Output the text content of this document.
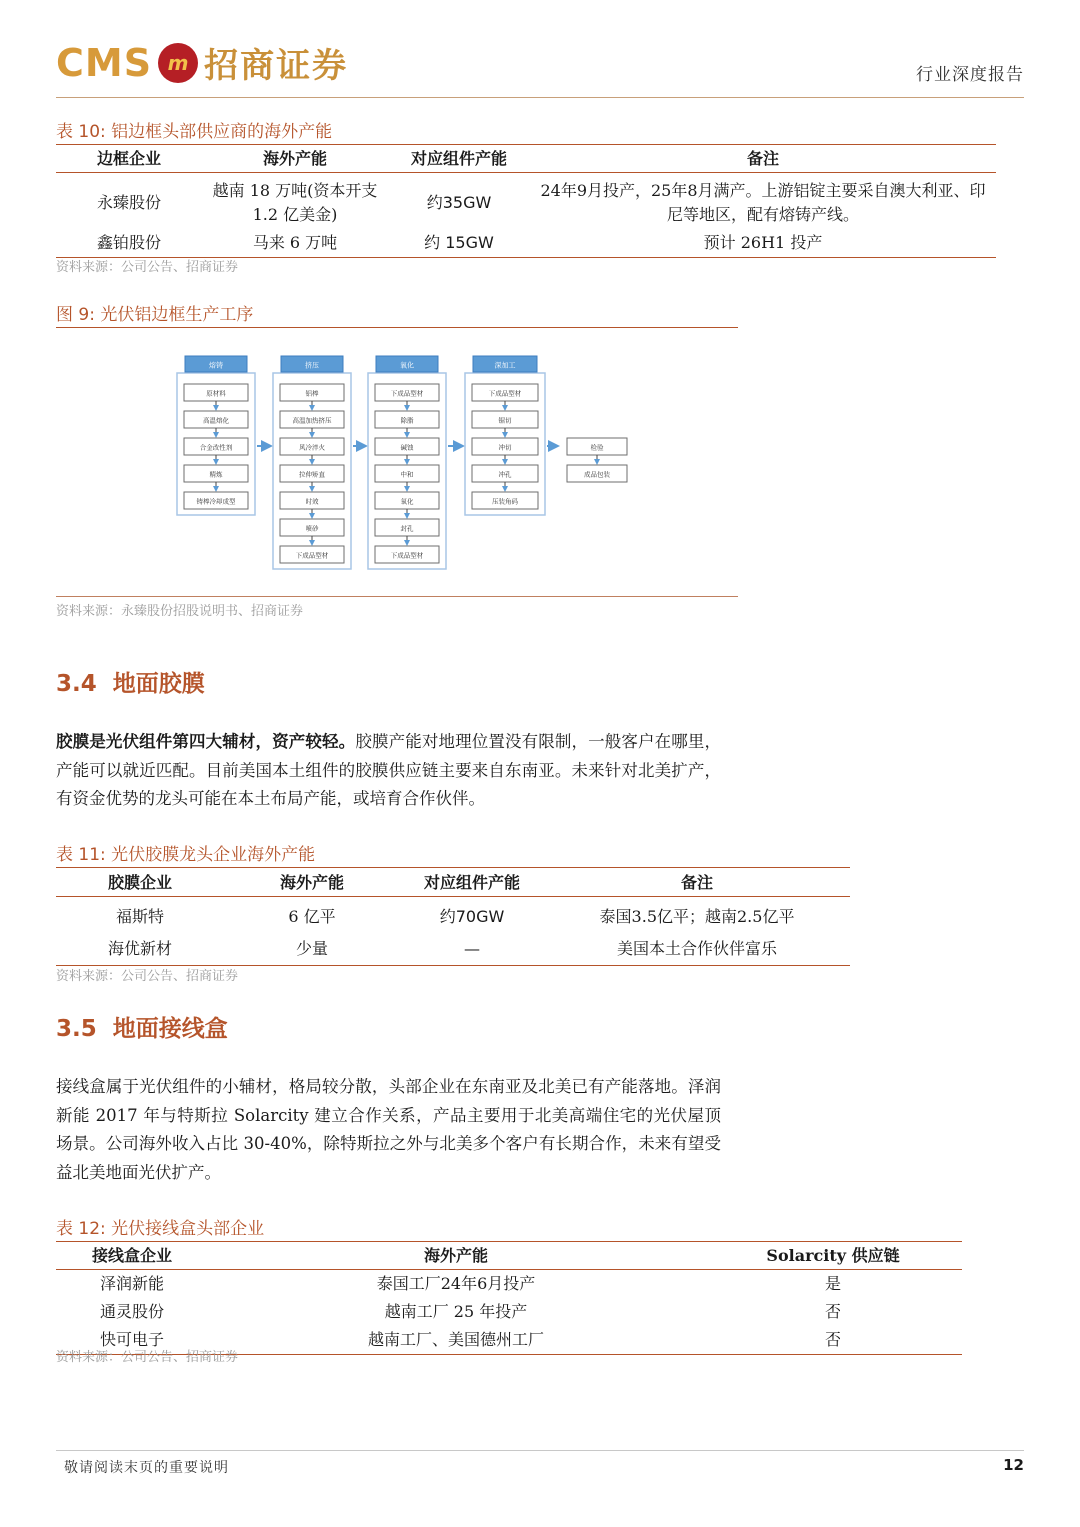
CMS m 招商证券	行业深度报告
表 10: 铝边框头部供应商的海外产能
边框企业	海外产能	对应组件产能	备注
永臻股份	越南 18 万吨(资本开支 1.2 亿美金)	约35GW	24年9月投产，25年8月满产。上游铝锭主要采自澳大利亚、印尼等地区，配有熔铸产线。
鑫铂股份	马来 6 万吨	约 15GW	预计 26H1 投产
资料来源：公司公告、招商证券
图 9: 光伏铝边框生产工序
熔铸
原材料
高温熔化
合金改性剂
精炼
铸棒冷却成型
挤压
铝棒
高温加热挤压
风冷淬火
拉伸矫直
时效
喷砂
下成品型材
氧化
下成品型材
除脂
碱蚀
中和
氧化
封孔
下成品型材
深加工
下成品型材
锯切
冲切
冲孔
压装角码
检验
成品包装
资料来源：永臻股份招股说明书、招商证券
3.4 地面胶膜
胶膜是光伏组件第四大辅材，资产较轻。胶膜产能对地理位置没有限制，一般客户在哪里，产能可以就近匹配。目前美国本土组件的胶膜供应链主要来自东南亚。未来针对北美扩产，有资金优势的龙头可能在本土布局产能，或培育合作伙伴。
表 11: 光伏胶膜龙头企业海外产能
胶膜企业	海外产能	对应组件产能	备注
福斯特	6 亿平	约70GW	泰国3.5亿平；越南2.5亿平
海优新材	少量	—	美国本土合作伙伴富乐
资料来源：公司公告、招商证券
3.5 地面接线盒
接线盒属于光伏组件的小辅材，格局较分散，头部企业在东南亚及北美已有产能落地。泽润新能 2017 年与特斯拉 Solarcity 建立合作关系，产品主要用于北美高端住宅的光伏屋顶场景。公司海外收入占比 30-40%，除特斯拉之外与北美多个客户有长期合作，未来有望受益北美地面光伏扩产。
表 12: 光伏接线盒头部企业
接线盒企业	海外产能	Solarcity 供应链
泽润新能	泰国工厂24年6月投产	是
通灵股份	越南工厂 25 年投产	否
快可电子	越南工厂、美国德州工厂	否
资料来源：公司公告、招商证券
敬请阅读末页的重要说明	12
